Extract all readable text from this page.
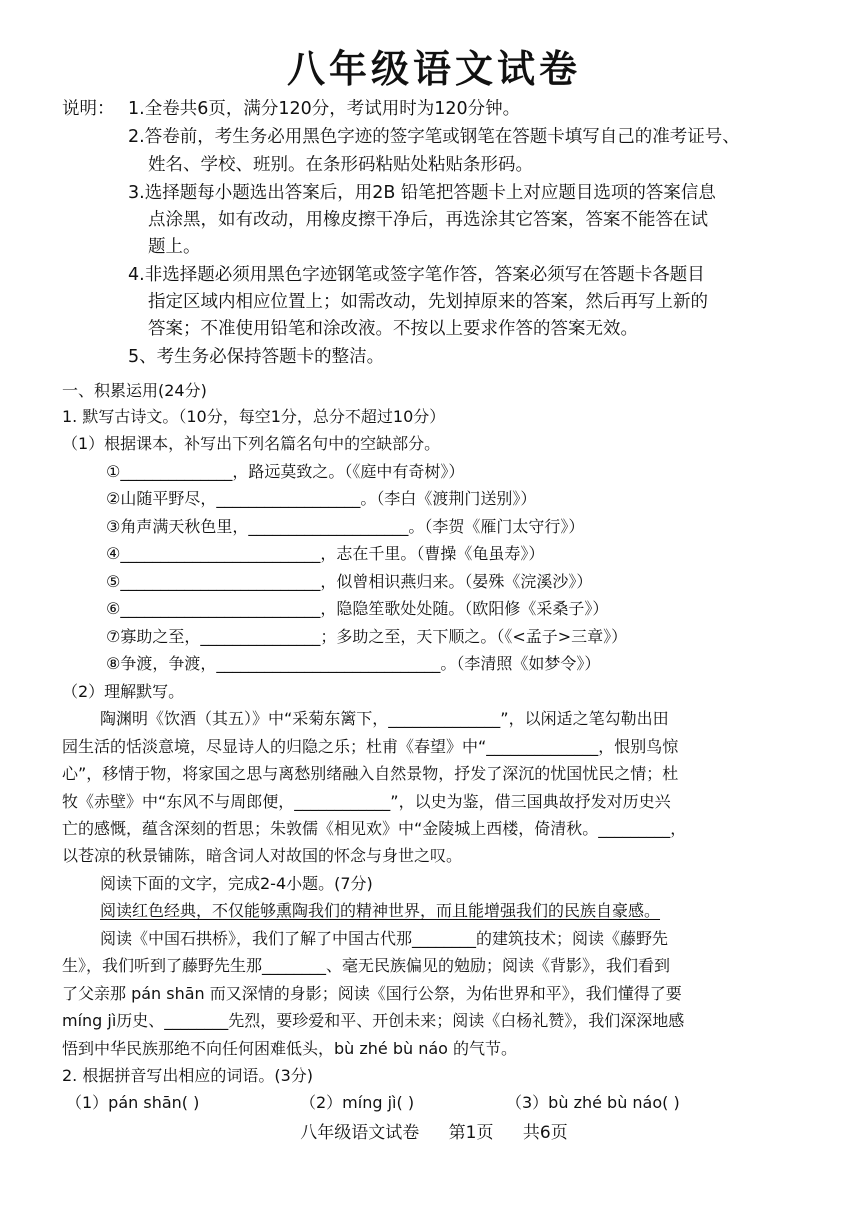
八年级语文试卷
说明： 1.全卷共6页，满分120分，考试用时为120分钟。
2.答卷前，考生务必用黑色字迹的签字笔或钢笔在答题卡填写自己的准考证号、
姓名、学校、班别。在条形码粘贴处粘贴条形码。
3.选择题每小题选出答案后，用2B 铅笔把答题卡上对应题目选项的答案信息
点涂黑，如有改动，用橡皮擦干净后，再选涂其它答案，答案不能答在试
题上。
4.非选择题必须用黑色字迹钢笔或签字笔作答，答案必须写在答题卡各题目
指定区域内相应位置上；如需改动，先划掉原来的答案，然后再写上新的
答案；不准使用铅笔和涂改液。不按以上要求作答的答案无效。
5、考生务必保持答题卡的整洁。
一、积累运用(24分)
1. 默写古诗文。（10分，每空1分，总分不超过10分）
（1）根据课本，补写出下列名篇名句中的空缺部分。
①______________，路远莫致之。（《庭中有奇树》）
②山随平野尽，__________________。（李白《渡荆门送别》）
③角声满天秋色里，____________________。（李贺《雁门太守行》）
④_________________________，志在千里。（曹操《龟虽寿》）
⑤_________________________，似曾相识燕归来。（晏殊《浣溪沙》）
⑥_________________________，隐隐笙歌处处随。（欧阳修《采桑子》）
⑦寡助之至，_______________；多助之至，天下顺之。（《<孟子>三章》）
⑧争渡，争渡，____________________________。（李清照《如梦令》）
（2）理解默写。
陶渊明《饮酒（其五）》中“采菊东篱下，______________”，以闲适之笔勾勒出田
园生活的恬淡意境，尽显诗人的归隐之乐；杜甫《春望》中“______________，恨别鸟惊
心”，移情于物，将家国之思与离愁别绪融入自然景物，抒发了深沉的忧国忧民之情；杜
牧《赤壁》中“东风不与周郎便，____________”，以史为鉴，借三国典故抒发对历史兴
亡的感慨，蕴含深刻的哲思；朱敦儒《相见欢》中“金陵城上西楼，倚清秋。_________，
以苍凉的秋景铺陈，暗含词人对故国的怀念与身世之叹。
阅读下面的文字，完成2-4小题。(7分)
阅读红色经典，不仅能够熏陶我们的精神世界，而且能增强我们的民族自豪感。
阅读《中国石拱桥》，我们了解了中国古代那________的建筑技术；阅读《藤野先
生》，我们听到了藤野先生那________、毫无民族偏见的勉励；阅读《背影》，我们看到
了父亲那 pán shān 而又深情的身影；阅读《国行公祭，为佑世界和平》，我们懂得了要
míng jì历史、________先烈，要珍爱和平、开创未来；阅读《白杨礼赞》，我们深深地感
悟到中华民族那绝不向任何困难低头，bù zhé bù náo 的气节。
2. 根据拼音写出相应的词语。(3分)
（1）pán shān( )	（2）míng jì( )	（3）bù zhé bù náo( )
八年级语文试卷 第1页 共6页
